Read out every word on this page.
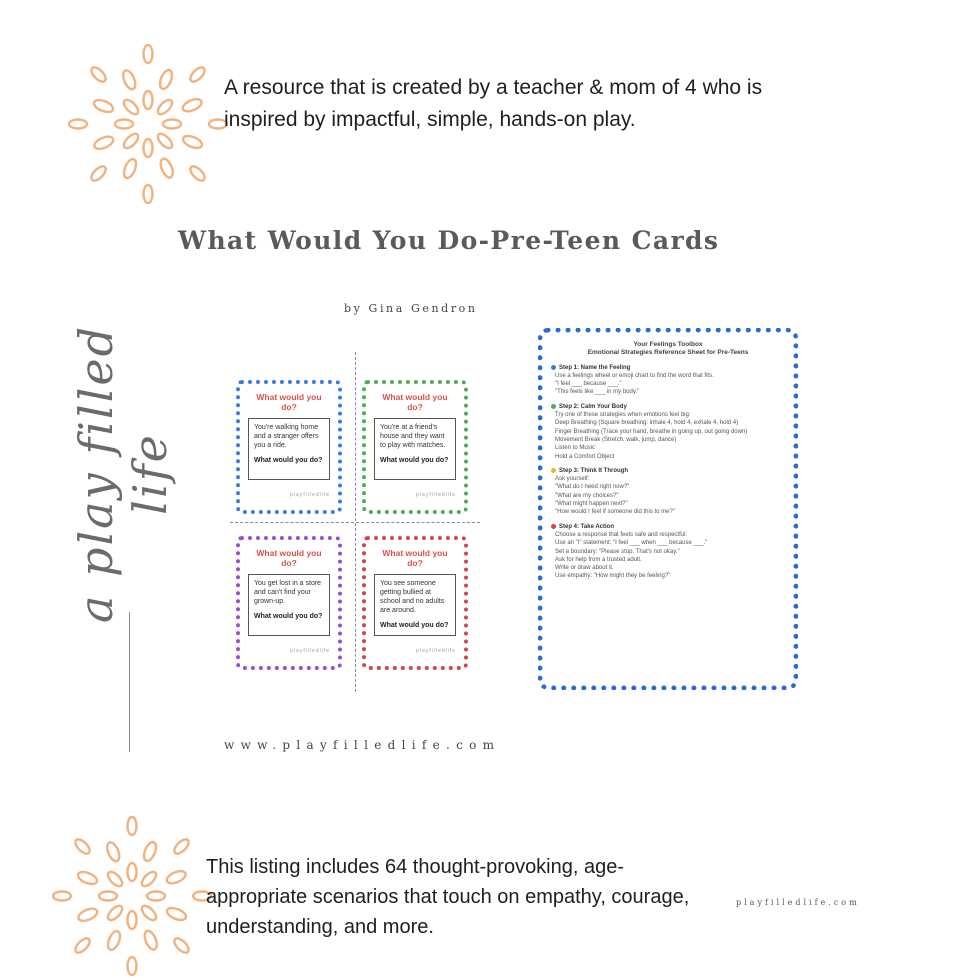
A resource that is created by a teacher & mom of 4 who is inspired by impactful, simple, hands-on play.
What Would You Do-Pre-Teen Cards
by Gina Gendron
a play filled life
What would you do?
You're walking home and a stranger offers you a ride.
What would you do?
playfilledlife
What would you do?
You're at a friend's house and they want to play with matches.
What would you do?
playfilledlife
What would you do?
You get lost in a store and can't find your grown-up.
What would you do?
playfilledlife
What would you do?
You see someone getting bullied at school and no adults are around.
What would you do?
playfilledlife
Your Feelings Toolbox
Emotional Strategies Reference Sheet for Pre-Teens
Step 1: Name the Feeling
Use a feelings wheel or emoji chart to find the word that fits.
"I feel ___ because ___."
"This feels like ___ in my body."
Step 2: Calm Your Body
Try one of these strategies when emotions feel big:
Deep Breathing (Square breathing: inhale 4, hold 4, exhale 4, hold 4)
Finger Breathing (Trace your hand, breathe in going up, out going down)
Movement Break (Stretch, walk, jump, dance)
Listen to Music
Hold a Comfort Object
Step 3: Think It Through
Ask yourself:
"What do I need right now?"
"What are my choices?"
"What might happen next?"
"How would I feel if someone did this to me?"
Step 4: Take Action
Choose a response that feels safe and respectful:
Use an "I" statement: "I feel ___ when ___ because ___."
Set a boundary: "Please stop. That's not okay."
Ask for help from a trusted adult.
Write or draw about it.
Use empathy: "How might they be feeling?"
www.playfilledlife.com
This listing includes 64 thought-provoking, age-appropriate scenarios that touch on empathy, courage, understanding, and more.
playfilledlife.com
